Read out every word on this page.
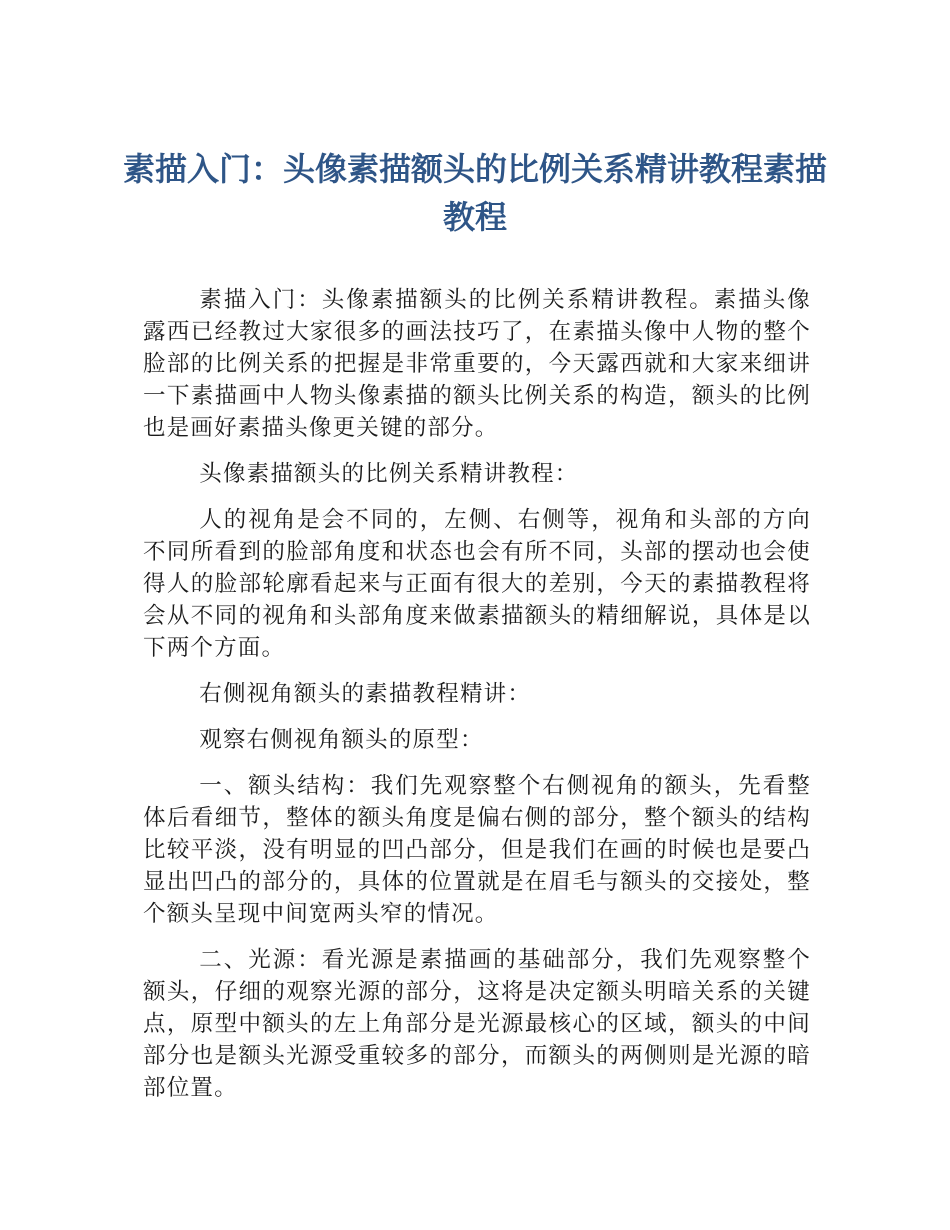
素描入门：头像素描额头的比例关系精讲教程素描教程

素描入门：头像素描额头的比例关系精讲教程。素描头像露西已经教过大家很多的画法技巧了，在素描头像中人物的整个脸部的比例关系的把握是非常重要的，今天露西就和大家来细讲一下素描画中人物头像素描的额头比例关系的构造，额头的比例也是画好素描头像更关键的部分。

头像素描额头的比例关系精讲教程：

人的视角是会不同的，左侧、右侧等，视角和头部的方向不同所看到的脸部角度和状态也会有所不同，头部的摆动也会使得人的脸部轮廓看起来与正面有很大的差别，今天的素描教程将会从不同的视角和头部角度来做素描额头的精细解说，具体是以下两个方面。

右侧视角额头的素描教程精讲：

观察右侧视角额头的原型：

一、额头结构：我们先观察整个右侧视角的额头，先看整体后看细节，整体的额头角度是偏右侧的部分，整个额头的结构比较平淡，没有明显的凹凸部分，但是我们在画的时候也是要凸显出凹凸的部分的，具体的位置就是在眉毛与额头的交接处，整个额头呈现中间宽两头窄的情况。

二、光源：看光源是素描画的基础部分，我们先观察整个额头，仔细的观察光源的部分，这将是决定额头明暗关系的关键点，原型中额头的左上角部分是光源最核心的区域，额头的中间部分也是额头光源受重较多的部分，而额头的两侧则是光源的暗部位置。
